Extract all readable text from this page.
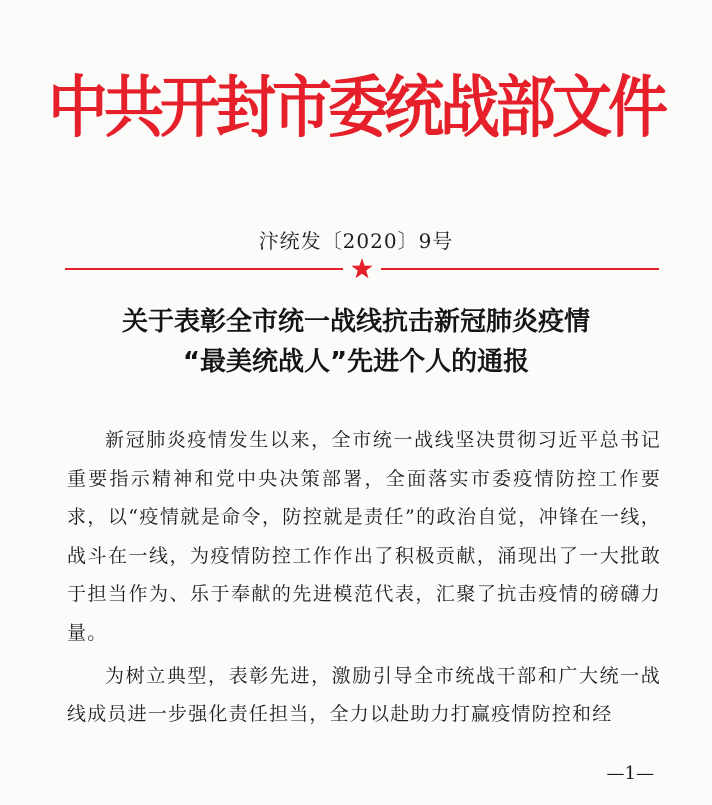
中共开封市委统战部文件
汴统发〔2020〕9号
关于表彰全市统一战线抗击新冠肺炎疫情
“最美统战人”先进个人的通报

新冠肺炎疫情发生以来，全市统一战线坚决贯彻习近平总书记重要指示精神和党中央决策部署，全面落实市委疫情防控工作要求，以“疫情就是命令，防控就是责任”的政治自觉，冲锋在一线，战斗在一线，为疫情防控工作作出了积极贡献，涌现出了一大批敢于担当作为、乐于奉献的先进模范代表，汇聚了抗击疫情的磅礴力量。

为树立典型，表彰先进，激励引导全市统战干部和广大统一战线成员进一步强化责任担当，全力以赴助力打赢疫情防控和经

—1—
